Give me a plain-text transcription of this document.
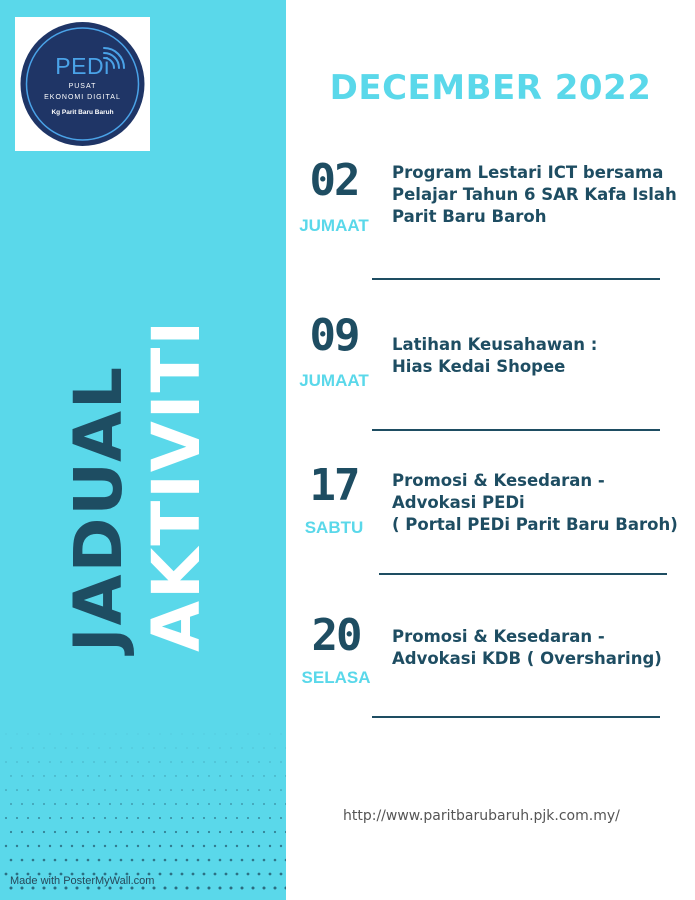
PEDi
PUSAT
EKONOMI DIGITAL
Kg Parit Baru Baruh
JADUAL AKTIVITI
Made with PosterMyWall.com
DECEMBER 2022
02
JUMAAT
Program Lestari ICT bersama
Pelajar Tahun 6 SAR Kafa Islah
Parit Baru Baroh
09
JUMAAT
Latihan Keusahawan :
Hias Kedai Shopee
17
SABTU
Promosi & Kesedaran -
Advokasi PEDi
( Portal PEDi Parit Baru Baroh)
20
SELASA
Promosi & Kesedaran -
Advokasi KDB ( Oversharing)
http://www.paritbarubaruh.pjk.com.my/
